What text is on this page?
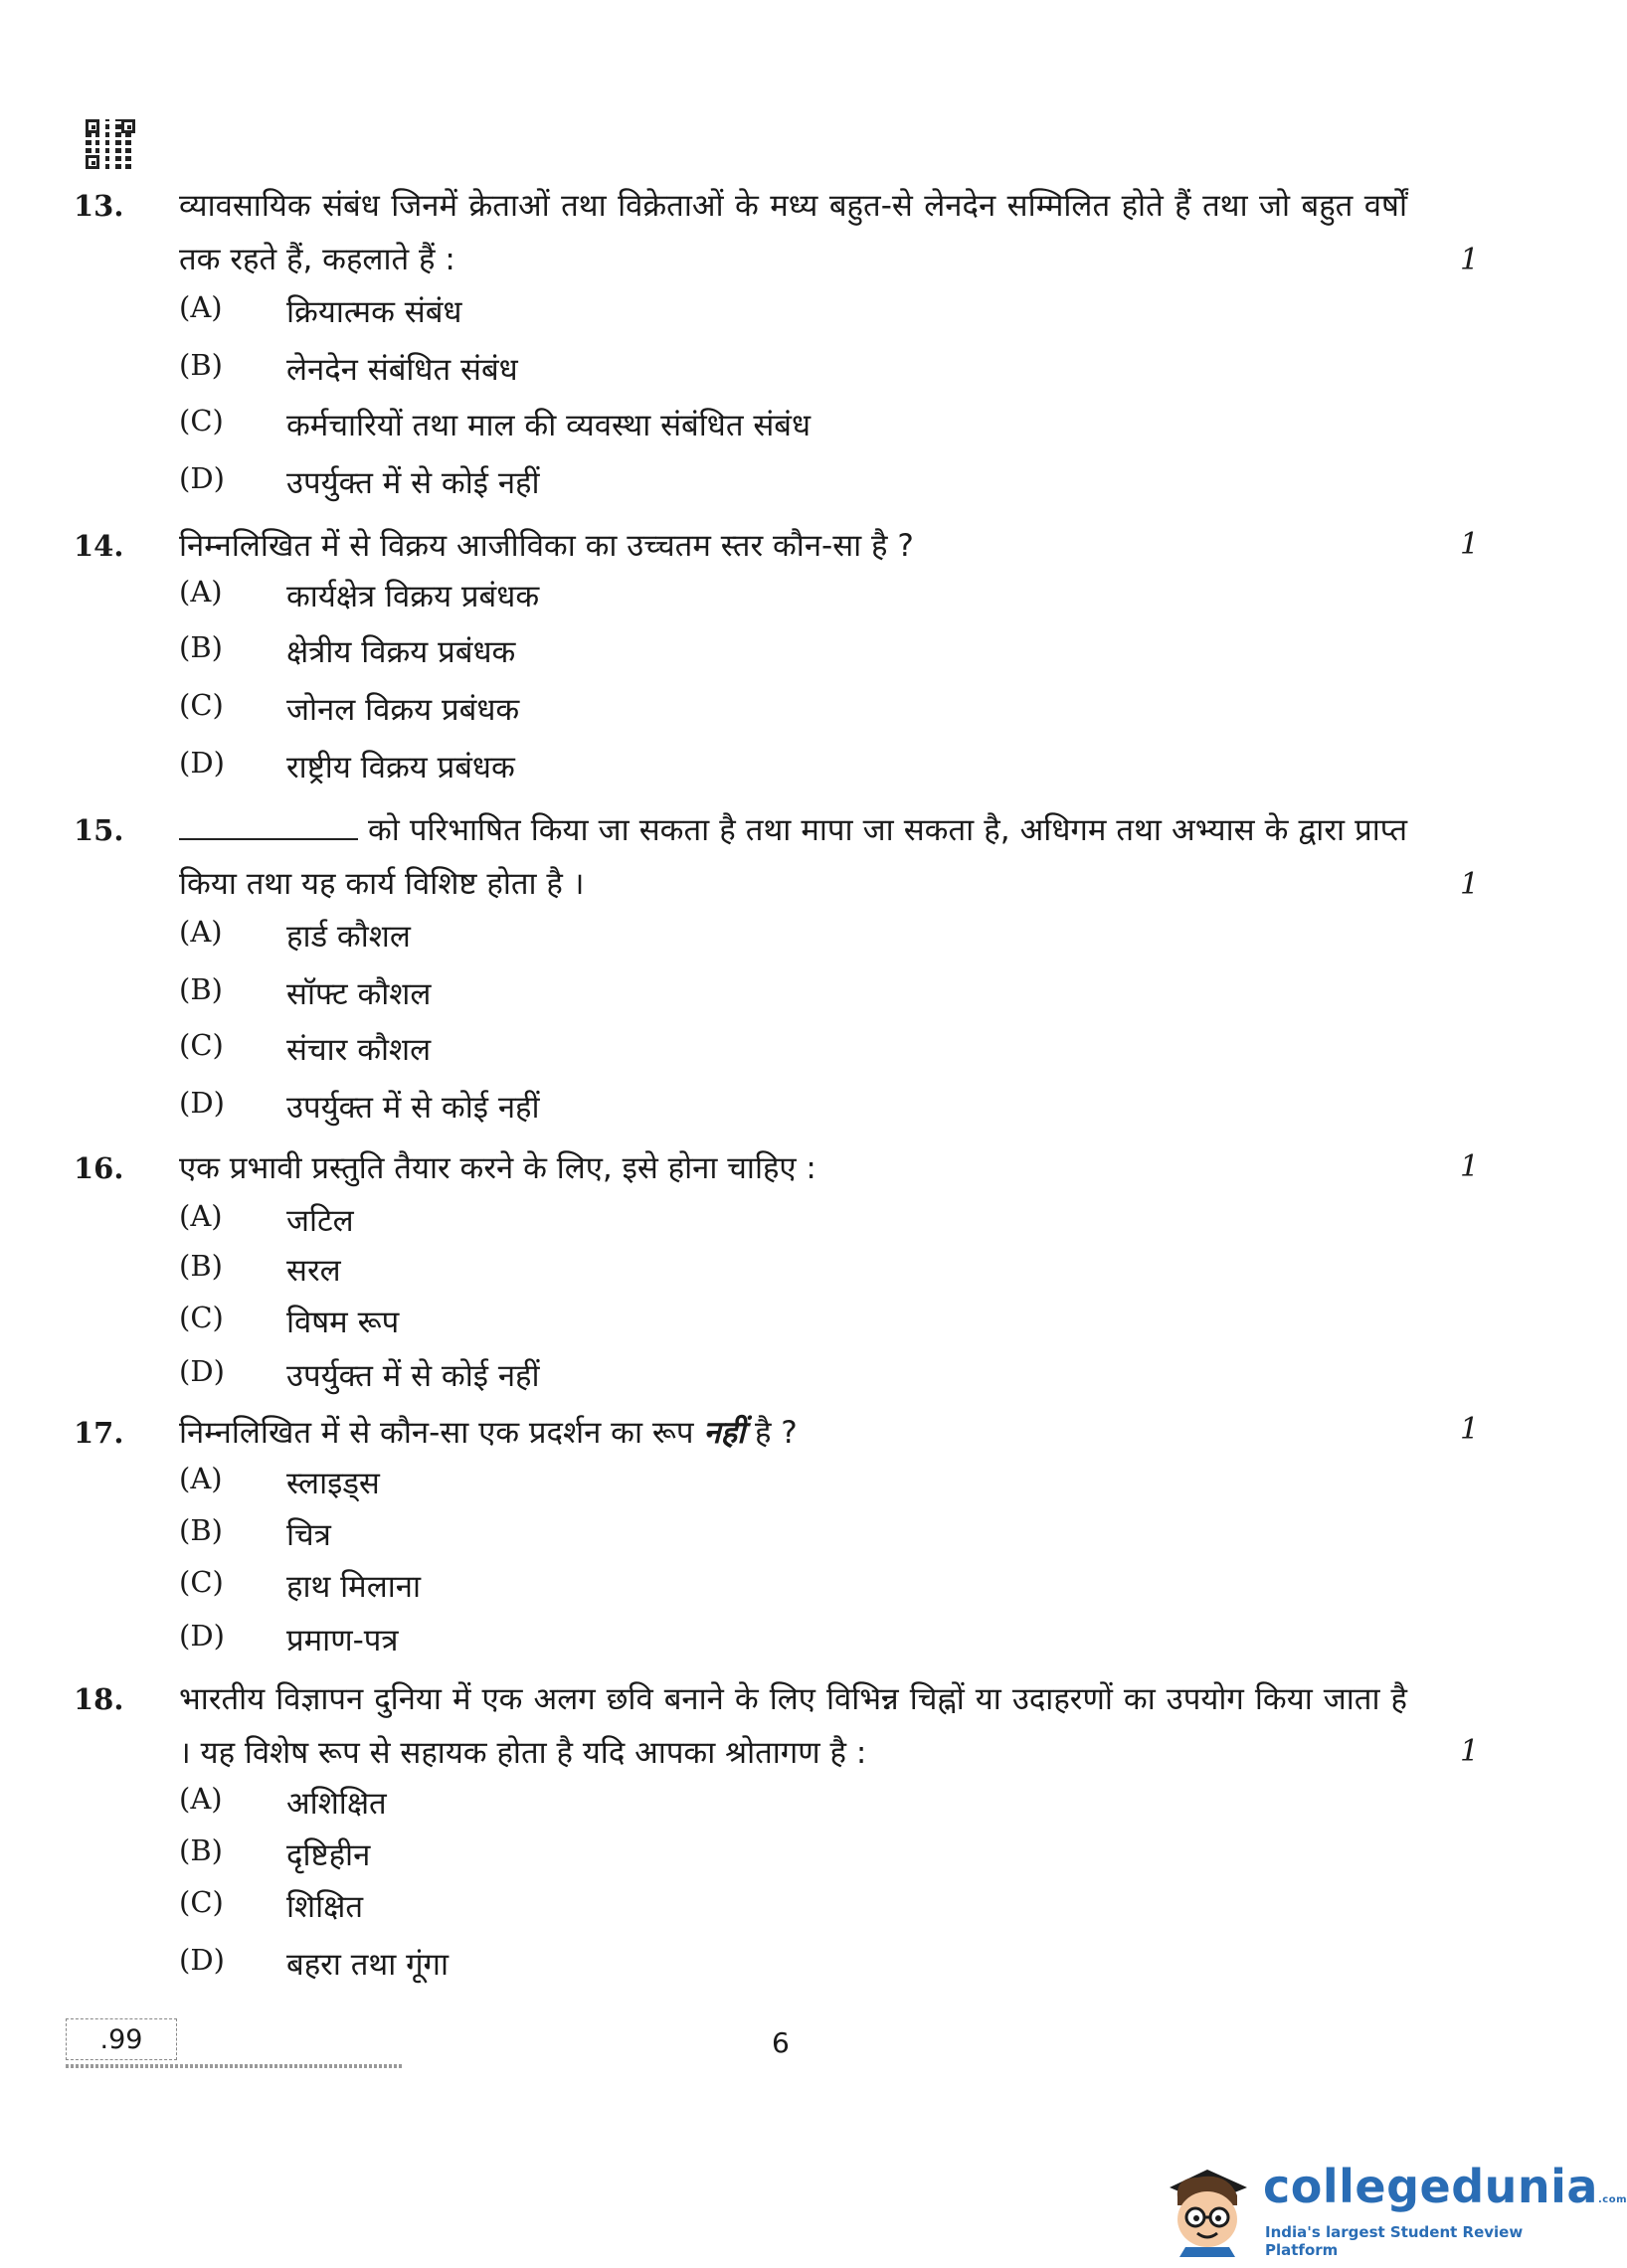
13.	व्यावसायिक संबंध जिनमें क्रेताओं तथा विक्रेताओं के मध्य बहुत-से लेनदेन सम्मिलित होते हैं तथा जो बहुत वर्षों तक रहते हैं, कहलाते हैं :	1
(A) क्रियात्मक संबंध
(B) लेनदेन संबंधित संबंध
(C) कर्मचारियों तथा माल की व्यवस्था संबंधित संबंध
(D) उपर्युक्त में से कोई नहीं
14.	निम्नलिखित में से विक्रय आजीविका का उच्चतम स्तर कौन-सा है ?	1
(A) कार्यक्षेत्र विक्रय प्रबंधक
(B) क्षेत्रीय विक्रय प्रबंधक
(C) जोनल विक्रय प्रबंधक
(D) राष्ट्रीय विक्रय प्रबंधक
15.	को परिभाषित किया जा सकता है तथा मापा जा सकता है, अधिगम तथा अभ्यास के द्वारा प्राप्त किया तथा यह कार्य विशिष्ट होता है ।	1
(A) हार्ड कौशल
(B) सॉफ्ट कौशल
(C) संचार कौशल
(D) उपर्युक्त में से कोई नहीं
16.	एक प्रभावी प्रस्तुति तैयार करने के लिए, इसे होना चाहिए :	1
(A) जटिल
(B) सरल
(C) विषम रूप
(D) उपर्युक्त में से कोई नहीं
17.	निम्नलिखित में से कौन-सा एक प्रदर्शन का रूप नहीं है ?	1
(A) स्लाइड्स
(B) चित्र
(C) हाथ मिलाना
(D) प्रमाण-पत्र
18.	भारतीय विज्ञापन दुनिया में एक अलग छवि बनाने के लिए विभिन्न चिह्नों या उदाहरणों का उपयोग किया जाता है । यह विशेष रूप से सहायक होता है यदि आपका श्रोतागण है :	1
(A) अशिक्षित
(B) दृष्टिहीन
(C) शिक्षित
(D) बहरा तथा गूंगा
.99	6
collegedunia.com
India's largest Student Review Platform
